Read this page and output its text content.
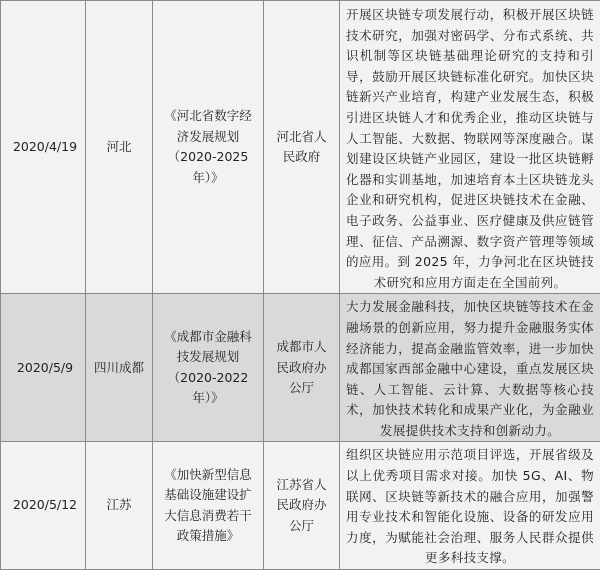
2020/4/19	河北	《河北省数字经济发展规划（2020-2025 年）》	河北省人民政府	开展区块链专项发展行动，积极开展区块链技术研究，加强对密码学、分布式系统、共识机制等区块链基础理论研究的支持和引导，鼓励开展区块链标准化研究。加快区块链新兴产业培育，构建产业发展生态，积极引进区块链人才和优秀企业，推动区块链与人工智能、大数据、物联网等深度融合。谋划建设区块链产业园区，建设一批区块链孵化器和实训基地，加速培育本土区块链龙头企业和研究机构，促进区块链技术在金融、电子政务、公益事业、医疗健康及供应链管理、征信、产品溯源、数字资产管理等领域的应用。到 2025 年，力争河北在区块链技术研究和应用方面走在全国前列。
2020/5/9	四川成都	《成都市金融科技发展规划（2020-2022 年）》	成都市人民政府办公厅	大力发展金融科技，加快区块链等技术在金融场景的创新应用，努力提升金融服务实体经济能力，提高金融监管效率，进一步加快成都国家西部金融中心建设，重点发展区块链、人工智能、云计算、大数据等核心技术，加快技术转化和成果产业化，为金融业发展提供技术支持和创新动力。
2020/5/12	江苏	《加快新型信息基础设施建设扩大信息消费若干政策措施》	江苏省人民政府办公厅	组织区块链应用示范项目评选，开展省级及以上优秀项目需求对接。加快 5G、AI、物联网、区块链等新技术的融合应用，加强警用专业技术和智能化设施、设备的研发应用力度，为赋能社会治理、服务人民群众提供更多科技支撑。
